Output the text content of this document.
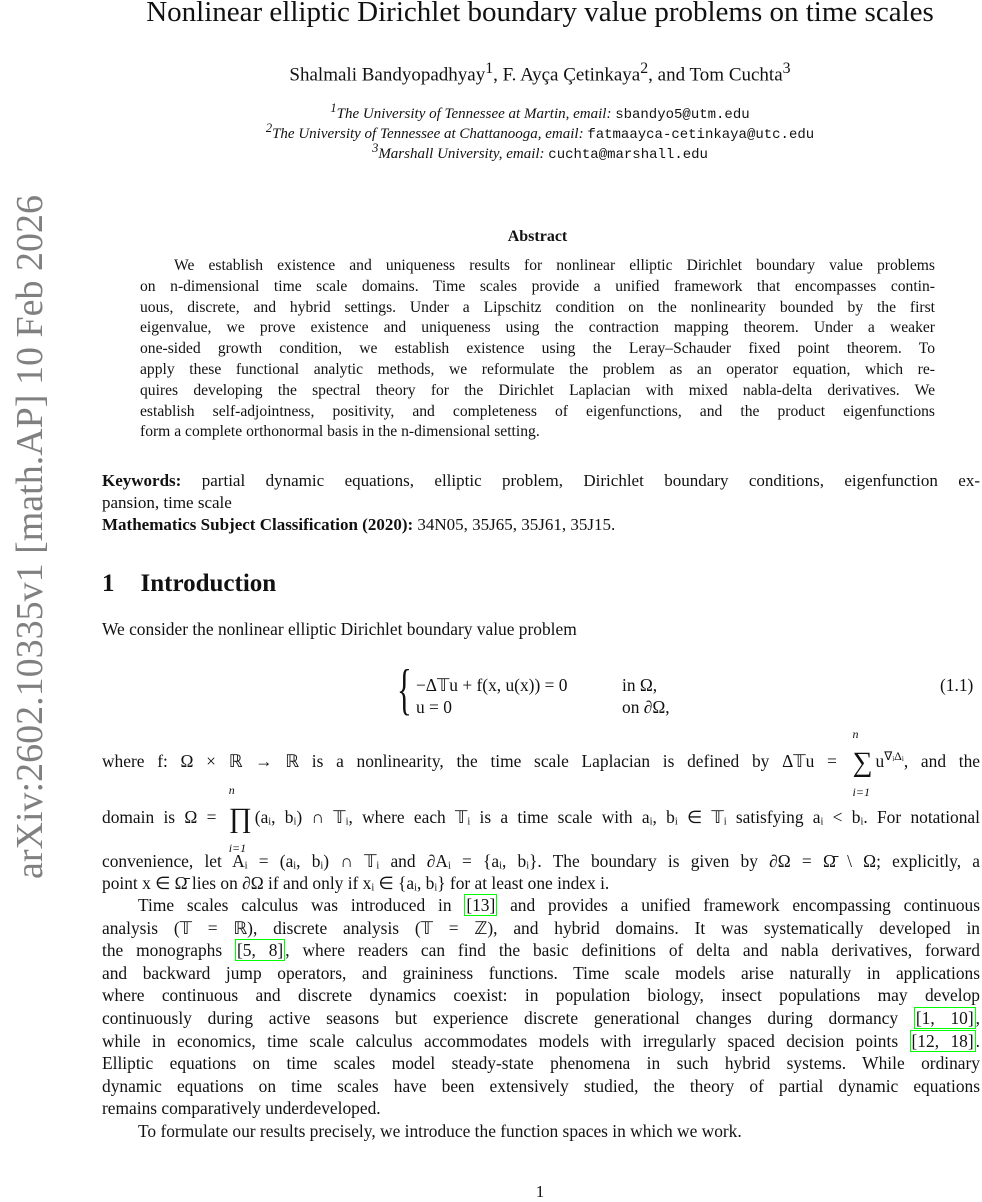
arXiv:2602.10335v1 [math.AP] 10 Feb 2026
Nonlinear elliptic Dirichlet boundary value problems on time scales
Shalmali Bandyopadhyay$^1$, F. Ayça Çetinkaya$^2$, and Tom Cuchta$^3$
$^1$The University of Tennessee at Martin, email: sbandyo5@utm.edu
$^2$The University of Tennessee at Chattanooga, email: fatmaayca-cetinkaya@utc.edu
$^3$Marshall University, email: cuchta@marshall.edu
Abstract
We establish existence and uniqueness results for nonlinear elliptic Dirichlet boundary value problems
on n-dimensional time scale domains. Time scales provide a unified framework that encompasses contin-
uous, discrete, and hybrid settings. Under a Lipschitz condition on the nonlinearity bounded by the first
eigenvalue, we prove existence and uniqueness using the contraction mapping theorem. Under a weaker
one-sided growth condition, we establish existence using the Leray–Schauder fixed point theorem. To
apply these functional analytic methods, we reformulate the problem as an operator equation, which re-
quires developing the spectral theory for the Dirichlet Laplacian with mixed nabla-delta derivatives. We
establish self-adjointness, positivity, and completeness of eigenfunctions, and the product eigenfunctions
form a complete orthonormal basis in the n-dimensional setting.
Keywords: partial dynamic equations, elliptic problem, Dirichlet boundary conditions, eigenfunction ex-
pansion, time scale
Mathematics Subject Classification (2020): 34N05, 35J65, 35J61, 35J15.
1 Introduction
We consider the nonlinear elliptic Dirichlet boundary value problem
{ −Δ𝕋u + f(x, u(x)) = 0	in Ω,
u = 0	on ∂Ω,
(1.1)
where f: Ω × ℝ → ℝ is a nonlinearity, the time scale Laplacian is defined by Δ𝕋u =
n
∑
i=1
$u^{\nabla ᵢ\Delta ᵢ}$, and the
domain is Ω =
n
∏
i=1
(aᵢ, bᵢ) ∩ 𝕋ᵢ, where each 𝕋ᵢ is a time scale with aᵢ, bᵢ ∈ 𝕋ᵢ satisfying aᵢ < bᵢ. For notational
convenience, let Aᵢ = (aᵢ, bᵢ) ∩ 𝕋ᵢ and ∂Aᵢ = {aᵢ, bᵢ}. The boundary is given by ∂Ω = Ω̄ \ Ω; explicitly, a
point x ∈ Ω̄ lies on ∂Ω if and only if xᵢ ∈ {aᵢ, bᵢ} for at least one index i.
Time scales calculus was introduced in [13] and provides a unified framework encompassing continuous
analysis (𝕋 = ℝ), discrete analysis (𝕋 = ℤ), and hybrid domains. It was systematically developed in
the monographs [5, 8] , where readers can find the basic definitions of delta and nabla derivatives, forward
and backward jump operators, and graininess functions. Time scale models arise naturally in applications
where continuous and discrete dynamics coexist: in population biology, insect populations may develop
continuously during active seasons but experience discrete generational changes during dormancy [1, 10] ,
while in economics, time scale calculus accommodates models with irregularly spaced decision points [12, 18] .
Elliptic equations on time scales model steady-state phenomena in such hybrid systems. While ordinary
dynamic equations on time scales have been extensively studied, the theory of partial dynamic equations
remains comparatively underdeveloped.
To formulate our results precisely, we introduce the function spaces in which we work.
1
